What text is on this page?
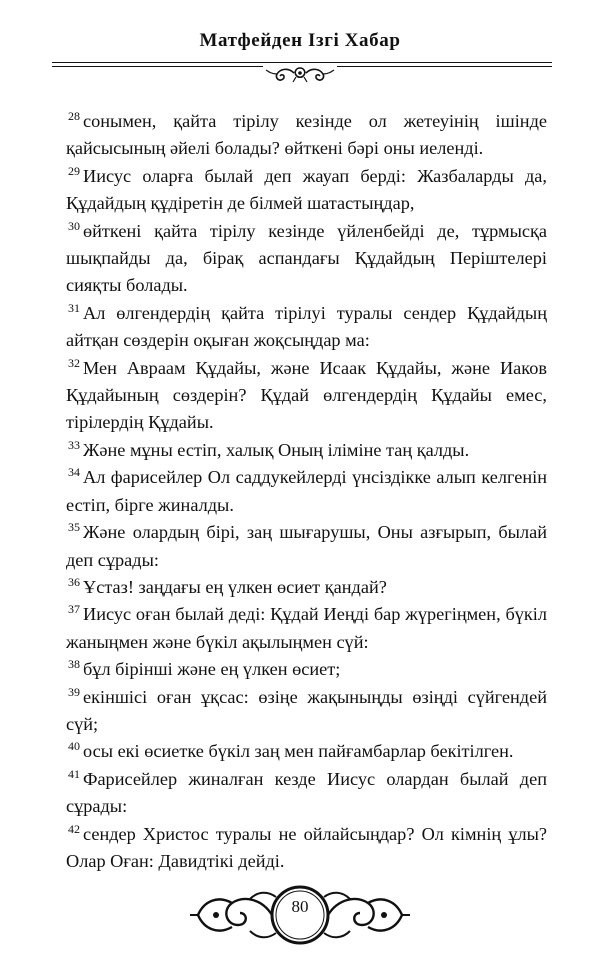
Матфейден Ізгі Хабар

$^{28}$ сонымен, қайта тірілу кезінде ол жетеуінің ішінде қайсысының әйелі болады? өйткені бәрі оны иеленді.

$^{29}$ Иисус оларға былай деп жауап берді: Жазбаларды да, Құдайдың құдіретін де білмей шатастыңдар,

$^{30}$ өйткені қайта тірілу кезінде үйленбейді де, тұрмысқа шықпайды да, бірақ аспандағы Құдайдың Періштелері сияқты болады.

$^{31}$ Ал өлгендердің қайта тірілуі туралы сендер Құдайдың айтқан сөздерін оқыған жоқсыңдар ма:

$^{32}$ Мен Авраам Құдайы, және Исаак Құдайы, және Иаков Құдайының сөздерін? Құдай өлгендердің Құдайы емес, тірілердің Құдайы.

$^{33}$ Және мұны естіп, халық Оның іліміне таң қалды.

$^{34}$ Ал фарисейлер Ол саддукейлерді үнсіздікке алып келгенін естіп, бірге жиналды.

$^{35}$ Және олардың бірі, заң шығарушы, Оны азғырып, былай деп сұрады:

$^{36}$ Ұстаз! заңдағы ең үлкен өсиет қандай?

$^{37}$ Иисус оған былай деді: Құдай Иеңді бар жүрегіңмен, бүкіл жаныңмен және бүкіл ақылыңмен сүй:

$^{38}$ бұл бірінші және ең үлкен өсиет;

$^{39}$ екіншісі оған ұқсас: өзіңе жақыныңды өзіңді сүйгендей сүй;

$^{40}$ осы екі өсиетке бүкіл заң мен пайғамбарлар бекітілген.

$^{41}$ Фарисейлер жиналған кезде Иисус олардан былай деп сұрады:

$^{42}$ сендер Христос туралы не ойлайсыңдар? Ол кімнің ұлы? Олар Оған: Давидтікі дейді.

80
